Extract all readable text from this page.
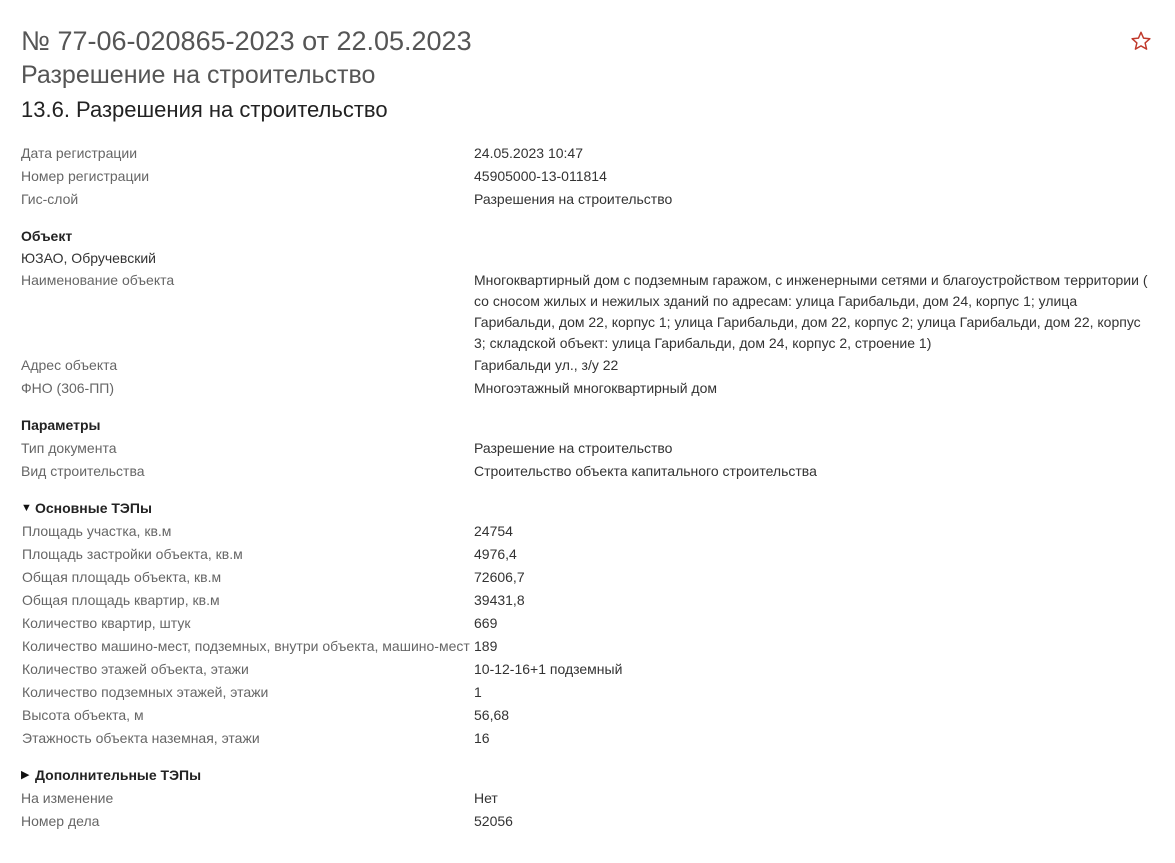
№ 77-06-020865-2023 от 22.05.2023
Разрешение на строительство
13.6. Разрешения на строительство
Дата регистрации	24.05.2023 10:47
Номер регистрации	45905000-13-011814
Гис-слой	Разрешения на строительство
Объект
ЮЗАО, Обручевский
Наименование объекта	Многоквартирный дом с подземным гаражом, с инженерными сетями и благоустройством территории ( со сносом жилых и нежилых зданий по адресам: улица Гарибальди, дом 24, корпус 1; улица Гарибальди, дом 22, корпус 1; улица Гарибальди, дом 22, корпус 2; улица Гарибальди, дом 22, корпус 3; складской объект: улица Гарибальди, дом 24, корпус 2, строение 1)
Адрес объекта	Гарибальди ул., з/у 22
ФНО (306-ПП)	Многоэтажный многоквартирный дом
Параметры
Тип документа	Разрешение на строительство
Вид строительства	Строительство объекта капитального строительства
▼ Основные ТЭПы
Площадь участка, кв.м	24754
Площадь застройки объекта, кв.м	4976,4
Общая площадь объекта, кв.м	72606,7
Общая площадь квартир, кв.м	39431,8
Количество квартир, штук	669
Количество машино-мест, подземных, внутри объекта, машино-мест 189
Количество этажей объекта, этажи	10-12-16+1 подземный
Количество подземных этажей, этажи	1
Высота объекта, м	56,68
Этажность объекта наземная, этажи	16
▶ Дополнительные ТЭПы
На изменение	Нет
Номер дела	52056
